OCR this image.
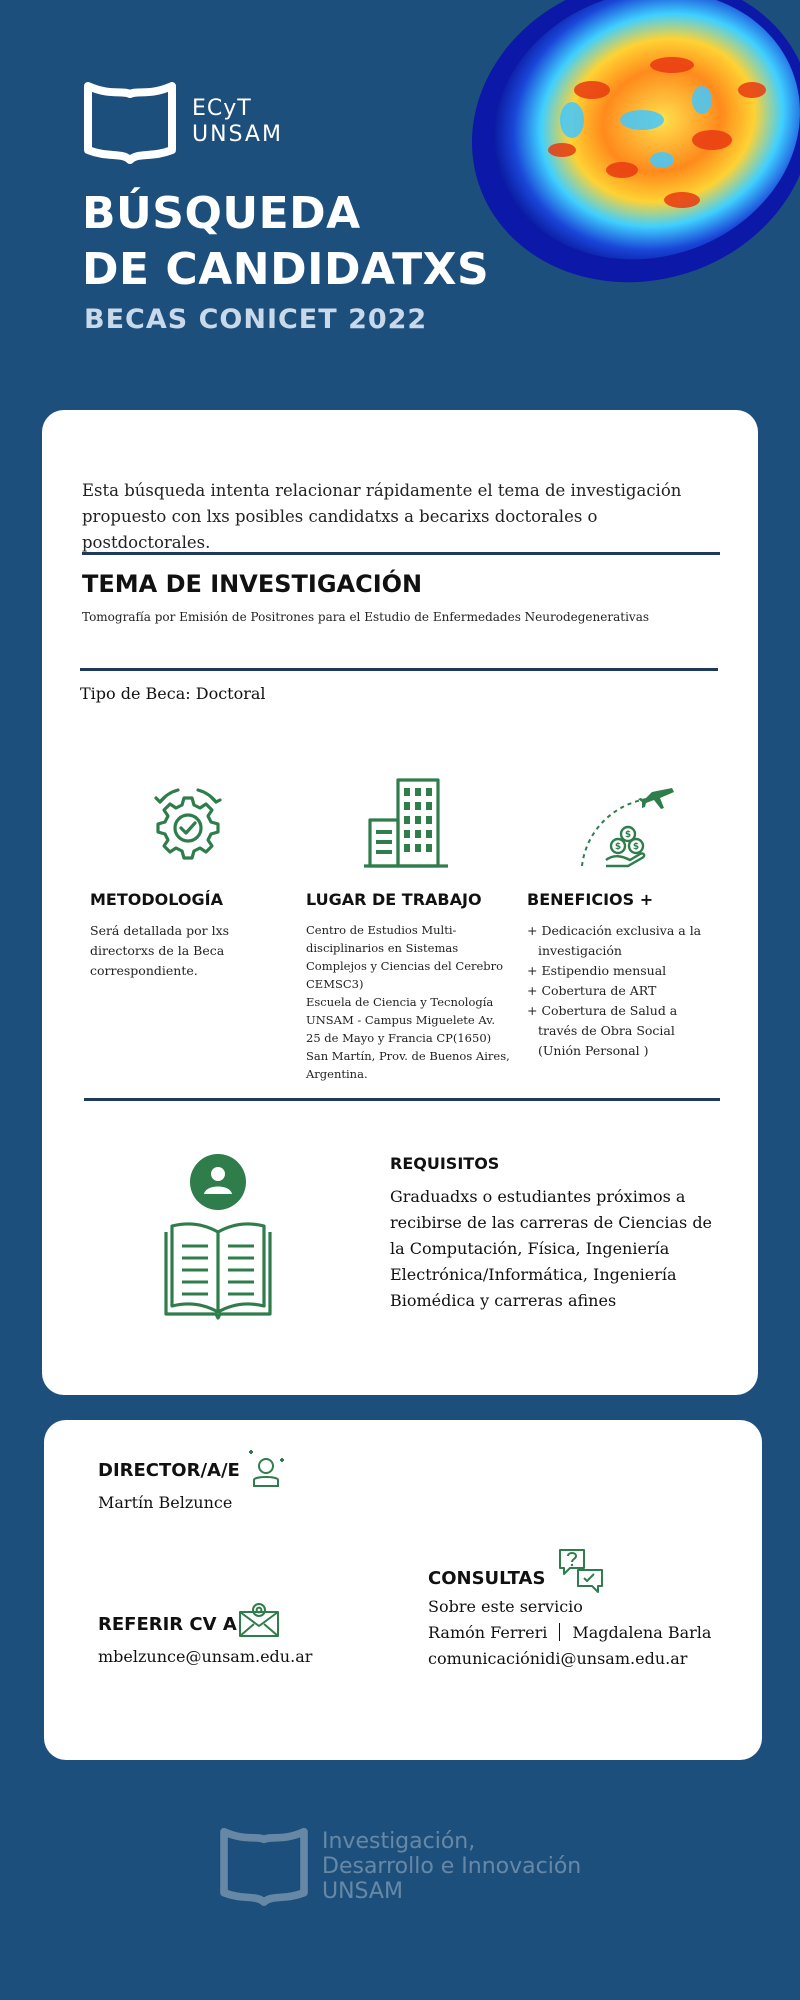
ECyT
UNSAM
BÚSQUEDA
DE CANDIDATXS
BECAS CONICET 2022

Esta búsqueda intenta relacionar rápidamente el tema de investigación propuesto con lxs posibles candidatxs a becarixs doctorales o postdoctorales.

TEMA DE INVESTIGACIÓN
Tomografía por Emisión de Positrones para el Estudio de Enfermedades Neurodegenerativas
Tipo de Beca: Doctoral
$
$ $
METODOLOGÍA

Será detallada por lxs directorxs de la Beca correspondiente.

LUGAR DE TRABAJO

Centro de Estudios Multi-disciplinarios en Sistemas Complejos y Ciencias del Cerebro CEMSC3)
Escuela de Ciencia y Tecnología UNSAM - Campus Miguelete Av. 25 de Mayo y Francia CP(1650)
San Martín, Prov. de Buenos Aires, Argentina.

BENEFICIOS +
+ Dedicación exclusiva a la investigación
+ Estipendio mensual
+ Cobertura de ART
+ Cobertura de Salud a través de Obra Social (Unión Personal )
REQUISITOS
Graduadxs o estudiantes próximos a recibirse de las carreras de Ciencias de la Computación, Física, Ingeniería Electrónica/Informática, Ingeniería Biomédica y carreras afines
DIRECTOR/A/E
Martín Belzunce
REFERIR CV A
mbelzunce@unsam.edu.ar
CONSULTAS
Sobre este servicio
Ramón Ferreri Magdalena Barla
comunicaciónidi@unsam.edu.ar
Investigación,
Desarrollo e Innovación
UNSAM
